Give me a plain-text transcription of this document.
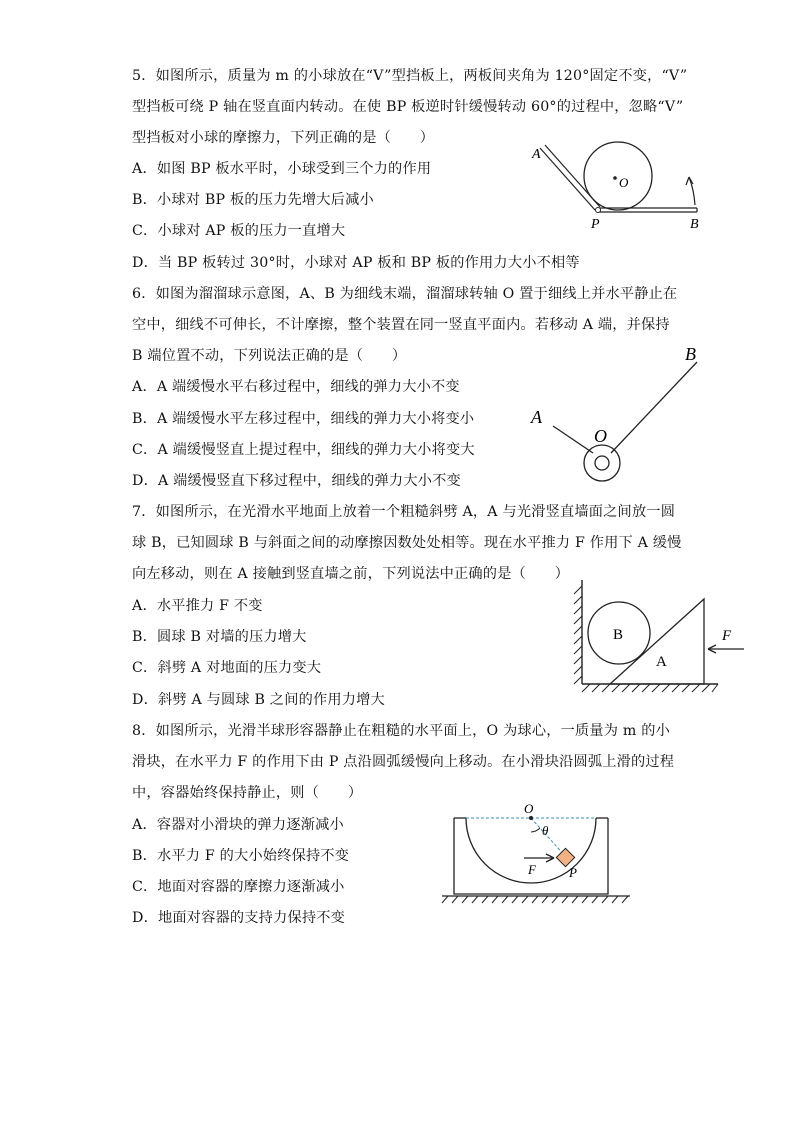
5．如图所示，质量为 m 的小球放在“V”型挡板上，两板间夹角为 120°固定不变，“V”
型挡板可绕 P 轴在竖直面内转动。在使 BP 板逆时针缓慢转动 60°的过程中，忽略“V”
型挡板对小球的摩擦力，下列正确的是（　　）
A．如图 BP 板水平时，小球受到三个力的作用
B．小球对 BP 板的压力先增大后减小
C．小球对 AP 板的压力一直增大
D．当 BP 板转过 30°时，小球对 AP 板和 BP 板的作用力大小不相等
A
O
P	B
6．如图为溜溜球示意图，A、B 为细线末端，溜溜球转轴 O 置于细线上并水平静止在
空中，细线不可伸长，不计摩擦，整个装置在同一竖直平面内。若移动 A 端，并保持
B 端位置不动，下列说法正确的是（　　）
A．A 端缓慢水平右移过程中，细线的弹力大小不变
B．A 端缓慢水平左移过程中，细线的弹力大小将变小
C．A 端缓慢竖直上提过程中，细线的弹力大小将变大
D．A 端缓慢竖直下移过程中，细线的弹力大小不变
A
B
O
7．如图所示，在光滑水平地面上放着一个粗糙斜劈 A，A 与光滑竖直墙面之间放一圆
球 B，已知圆球 B 与斜面之间的动摩擦因数处处相等。现在水平推力 F 作用下 A 缓慢
向左移动，则在 A 接触到竖直墙之前，下列说法中正确的是（　　）
A．水平推力 F 不变
B．圆球 B 对墙的压力增大
C．斜劈 A 对地面的压力变大
D．斜劈 A 与圆球 B 之间的作用力增大
B
A
F
8．如图所示，光滑半球形容器静止在粗糙的水平面上，O 为球心，一质量为 m 的小
滑块，在水平力 F 的作用下由 P 点沿圆弧缓慢向上移动。在小滑块沿圆弧上滑的过程
中，容器始终保持静止，则（　　）
A．容器对小滑块的弹力逐渐减小
B．水平力 F 的大小始终保持不变
C．地面对容器的摩擦力逐渐减小
D．地面对容器的支持力保持不变
O
θ
F	P
